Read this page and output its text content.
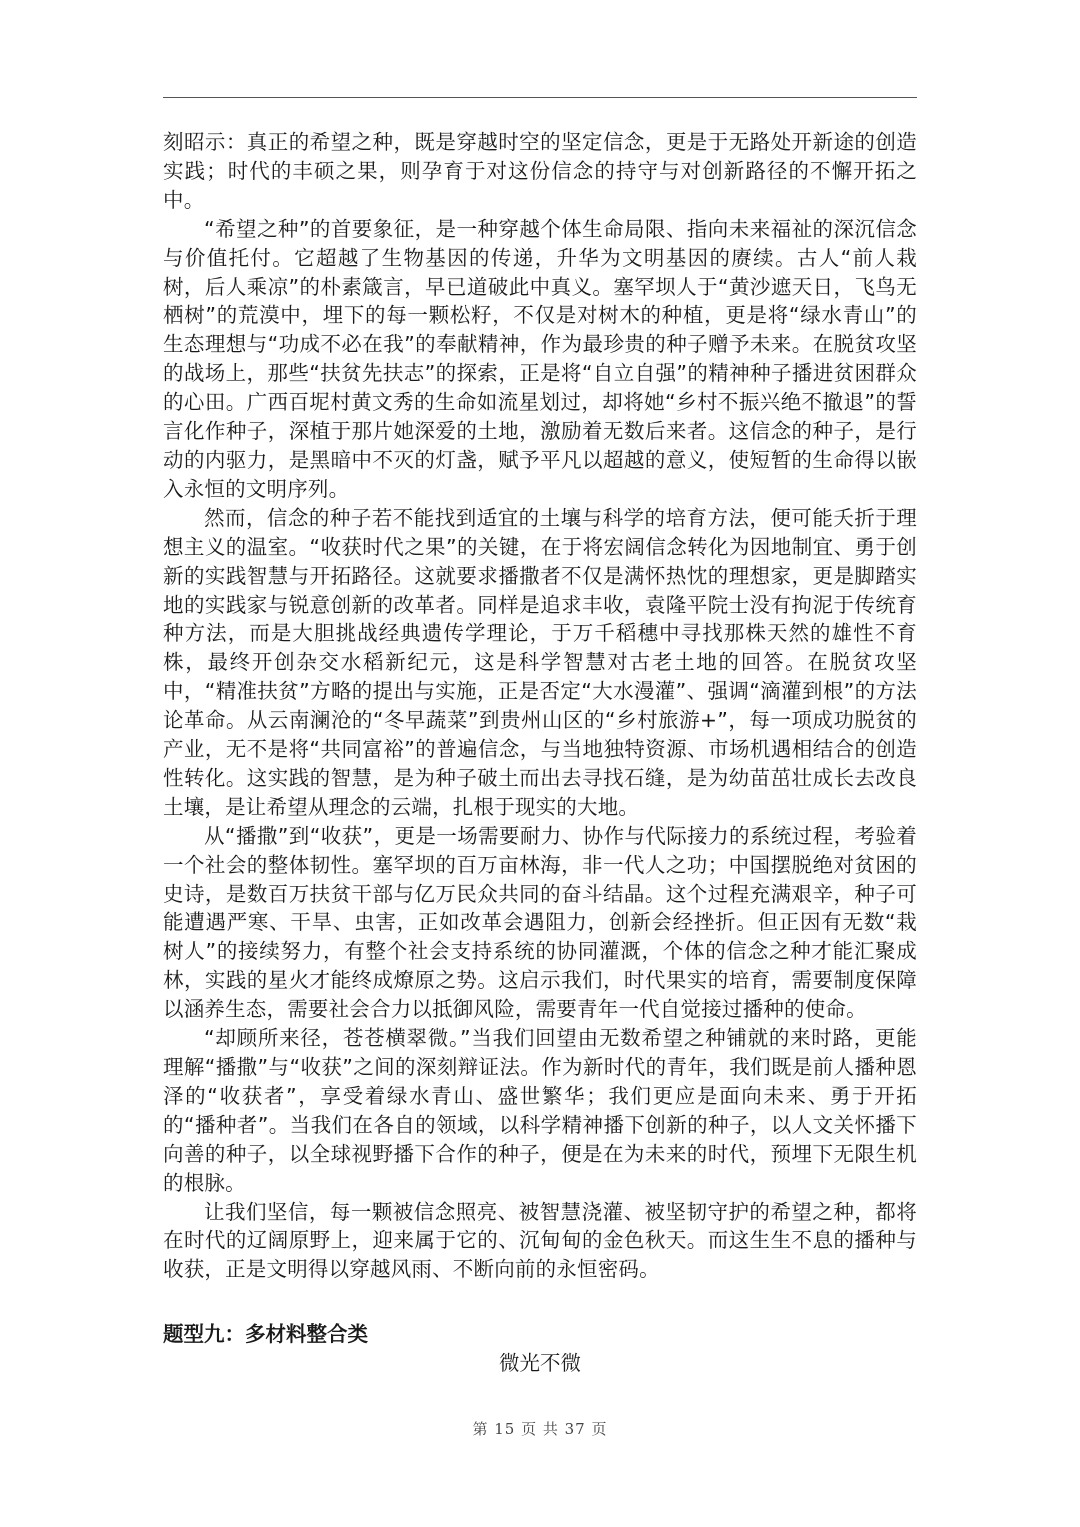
刻昭示：真正的希望之种，既是穿越时空的坚定信念，更是于无路处开新途的创造实践；时代的丰硕之果，则孕育于对这份信念的持守与对创新路径的不懈开拓之中。

“希望之种”的首要象征，是一种穿越个体生命局限、指向未来福祉的深沉信念与价值托付。它超越了生物基因的传递，升华为文明基因的赓续。古人“前人栽树，后人乘凉”的朴素箴言，早已道破此中真义。塞罕坝人于“黄沙遮天日，飞鸟无栖树”的荒漠中，埋下的每一颗松籽，不仅是对树木的种植，更是将“绿水青山”的生态理想与“功成不必在我”的奉献精神，作为最珍贵的种子赠予未来。在脱贫攻坚的战场上，那些“扶贫先扶志”的探索，正是将“自立自强”的精神种子播进贫困群众的心田。广西百坭村黄文秀的生命如流星划过，却将她“乡村不振兴绝不撤退”的誓言化作种子，深植于那片她深爱的土地，激励着无数后来者。这信念的种子，是行动的内驱力，是黑暗中不灭的灯盏，赋予平凡以超越的意义，使短暂的生命得以嵌入永恒的文明序列。

然而，信念的种子若不能找到适宜的土壤与科学的培育方法，便可能夭折于理想主义的温室。“收获时代之果”的关键，在于将宏阔信念转化为因地制宜、勇于创新的实践智慧与开拓路径。这就要求播撒者不仅是满怀热忱的理想家，更是脚踏实地的实践家与锐意创新的改革者。同样是追求丰收，袁隆平院士没有拘泥于传统育种方法，而是大胆挑战经典遗传学理论，于万千稻穗中寻找那株天然的雄性不育株，最终开创杂交水稻新纪元，这是科学智慧对古老土地的回答。在脱贫攻坚中，“精准扶贫”方略的提出与实施，正是否定“大水漫灌”、强调“滴灌到根”的方法论革命。从云南澜沧的“冬早蔬菜”到贵州山区的“乡村旅游+”，每一项成功脱贫的产业，无不是将“共同富裕”的普遍信念，与当地独特资源、市场机遇相结合的创造性转化。这实践的智慧，是为种子破土而出去寻找石缝，是为幼苗茁壮成长去改良土壤，是让希望从理念的云端，扎根于现实的大地。

从“播撒”到“收获”，更是一场需要耐力、协作与代际接力的系统过程，考验着一个社会的整体韧性。塞罕坝的百万亩林海，非一代人之功；中国摆脱绝对贫困的史诗，是数百万扶贫干部与亿万民众共同的奋斗结晶。这个过程充满艰辛，种子可能遭遇严寒、干旱、虫害，正如改革会遇阻力，创新会经挫折。但正因有无数“栽树人”的接续努力，有整个社会支持系统的协同灌溉，个体的信念之种才能汇聚成林，实践的星火才能终成燎原之势。这启示我们，时代果实的培育，需要制度保障以涵养生态，需要社会合力以抵御风险，需要青年一代自觉接过播种的使命。

“却顾所来径，苍苍横翠微。”当我们回望由无数希望之种铺就的来时路，更能理解“播撒”与“收获”之间的深刻辩证法。作为新时代的青年，我们既是前人播种恩泽的“收获者”，享受着绿水青山、盛世繁华；我们更应是面向未来、勇于开拓的“播种者”。当我们在各自的领域，以科学精神播下创新的种子，以人文关怀播下向善的种子，以全球视野播下合作的种子，便是在为未来的时代，预埋下无限生机的根脉。

让我们坚信，每一颗被信念照亮、被智慧浇灌、被坚韧守护的希望之种，都将在时代的辽阔原野上，迎来属于它的、沉甸甸的金色秋天。而这生生不息的播种与收获，正是文明得以穿越风雨、不断向前的永恒密码。

题型九：多材料整合类
微光不微
第 15 页 共 37 页
